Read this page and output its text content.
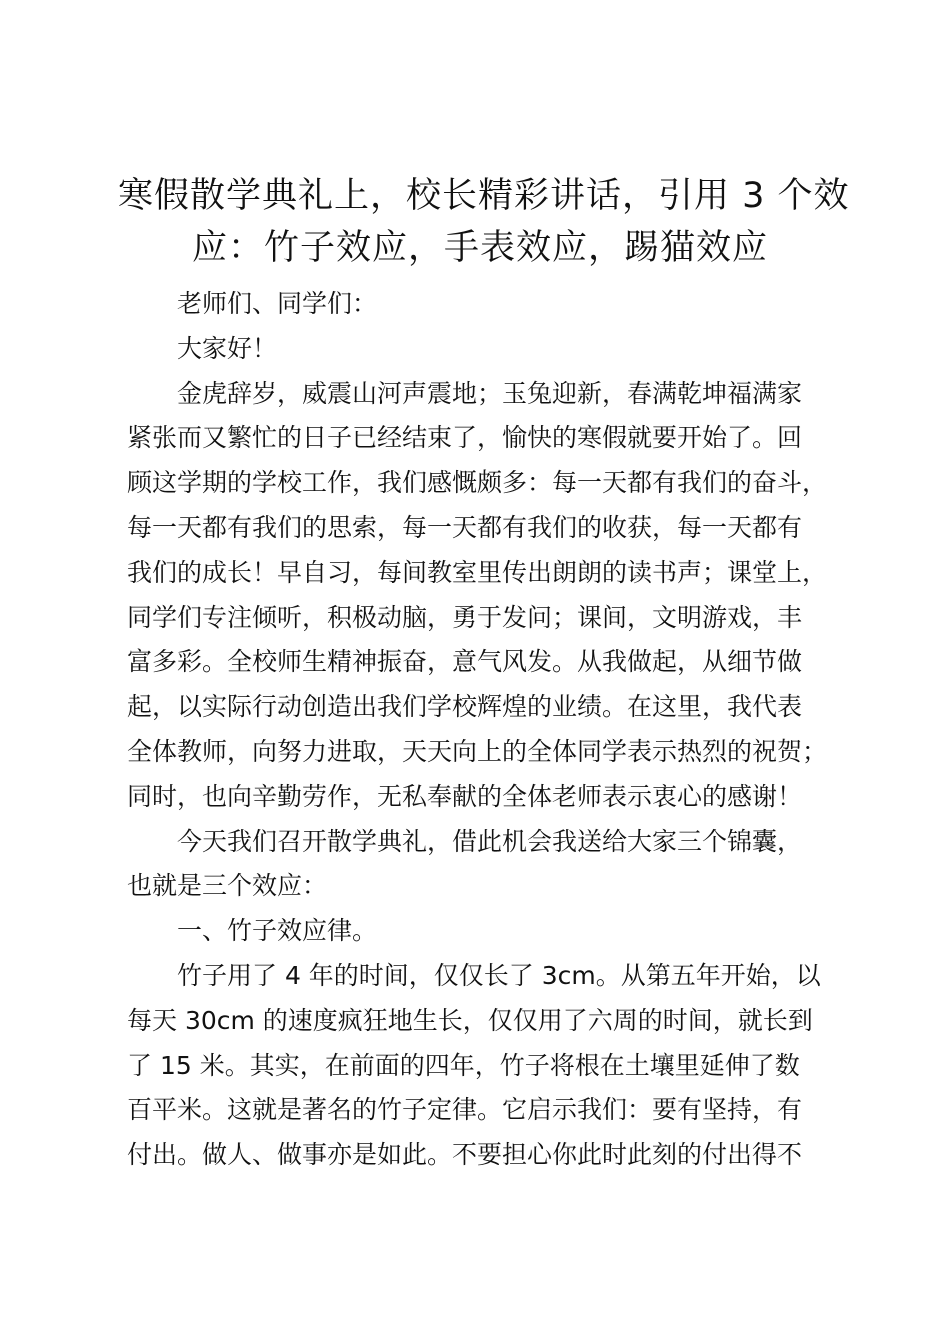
寒假散学典礼上，校长精彩讲话，引用 3 个效
应：竹子效应，手表效应，踢猫效应

老师们、同学们：

大家好！

金虎辞岁，威震山河声震地；玉兔迎新，春满乾坤福满家
紧张而又繁忙的日子已经结束了，愉快的寒假就要开始了。回
顾这学期的学校工作，我们感慨颇多：每一天都有我们的奋斗，
每一天都有我们的思索，每一天都有我们的收获，每一天都有
我们的成长！早自习，每间教室里传出朗朗的读书声；课堂上，
同学们专注倾听，积极动脑，勇于发问；课间，文明游戏，丰
富多彩。全校师生精神振奋，意气风发。从我做起，从细节做
起，以实际行动创造出我们学校辉煌的业绩。在这里，我代表
全体教师，向努力进取，天天向上的全体同学表示热烈的祝贺；
同时，也向辛勤劳作，无私奉献的全体老师表示衷心的感谢！

今天我们召开散学典礼，借此机会我送给大家三个锦囊，
也就是三个效应：

一、竹子效应律。

竹子用了 4 年的时间，仅仅长了 3cm。从第五年开始，以
每天 30cm 的速度疯狂地生长，仅仅用了六周的时间，就长到
了 15 米。其实，在前面的四年，竹子将根在土壤里延伸了数
百平米。这就是著名的竹子定律。它启示我们：要有坚持，有
付出。做人、做事亦是如此。不要担心你此时此刻的付出得不
